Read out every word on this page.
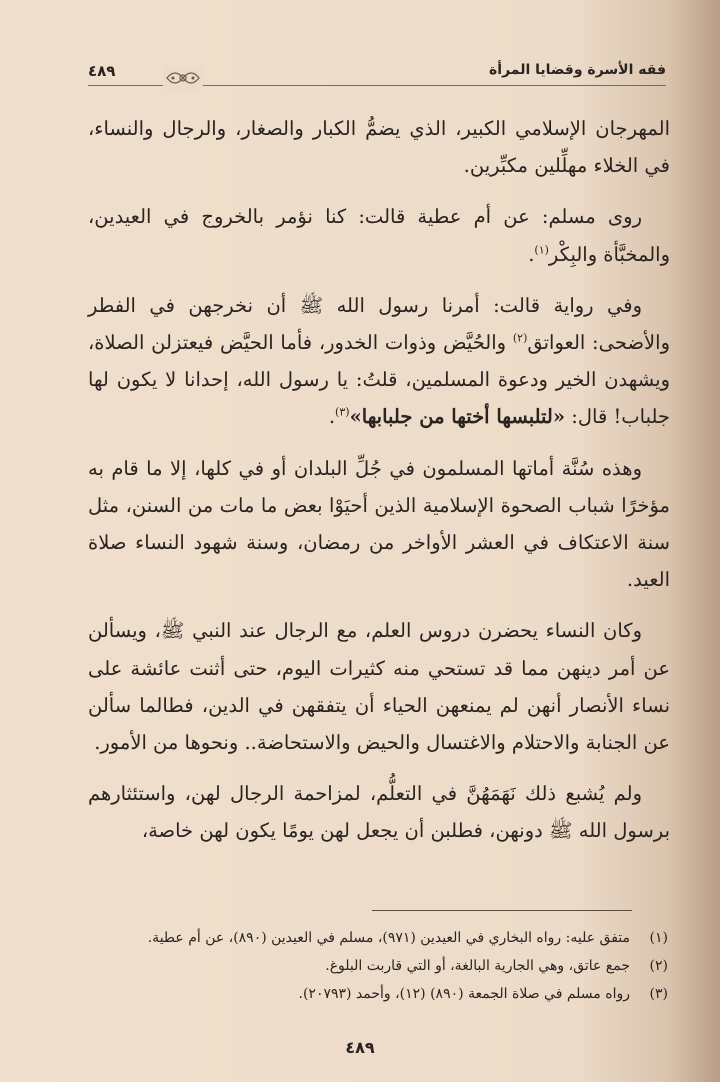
فقه الأسرة وقضايا المرأة
٤٨٩

المهرجان الإسلامي الكبير، الذي يضمُّ الكبار والصغار، والرجال والنساء، في الخلاء مهلِّلين مكبِّرين.

روى مسلم: عن أم عطية قالت: كنا نؤمر بالخروج في العيدين، والمخبَّأة والبِكْر$^{(١)}$.

وفي رواية قالت: أمرنا رسول الله ﷺ أن نخرجهن في الفطر والأضحى: العواتق$^{(٢)}$ والحُيَّض وذوات الخدور، فأما الحيَّض فيعتزلن الصلاة، ويشهدن الخير ودعوة المسلمين، قلتُ: يا رسول الله، إحدانا لا يكون لها جلباب! قال: «لتلبسها أختها من جلبابها»$^{(٣)}$.

وهذه سُنَّة أماتها المسلمون في جُلِّ البلدان أو في كلها، إلا ما قام به مؤخرًا شباب الصحوة الإسلامية الذين أحيَوْا بعض ما مات من السنن، مثل سنة الاعتكاف في العشر الأواخر من رمضان، وسنة شهود النساء صلاة العيد.

وكان النساء يحضرن دروس العلم، مع الرجال عند النبي ﷺ، ويسألن عن أمر دينهن مما قد تستحي منه كثيرات اليوم، حتى أثنت عائشة على نساء الأنصار أنهن لم يمنعهن الحياء أن يتفقهن في الدين، فطالما سألن عن الجنابة والاحتلام والاغتسال والحيض والاستحاضة.. ونحوها من الأمور.

ولم يُشبع ذلك نَهَمَهُنَّ في التعلُّم، لمزاحمة الرجال لهن، واستئثارهم برسول الله ﷺ دونهن، فطلبن أن يجعل لهن يومًا يكون لهن خاصة،

(١)
متفق عليه: رواه البخاري في العيدين (٩٧١)، مسلم في العيدين (٨٩٠)، عن أم عطية.
(٢)
جمع عاتق، وهي الجارية البالغة، أو التي قاربت البلوغ.
(٣)
رواه مسلم في صلاة الجمعة (٨٩٠) (١٢)، وأحمد (٢٠٧٩٣).
٤٨٩
